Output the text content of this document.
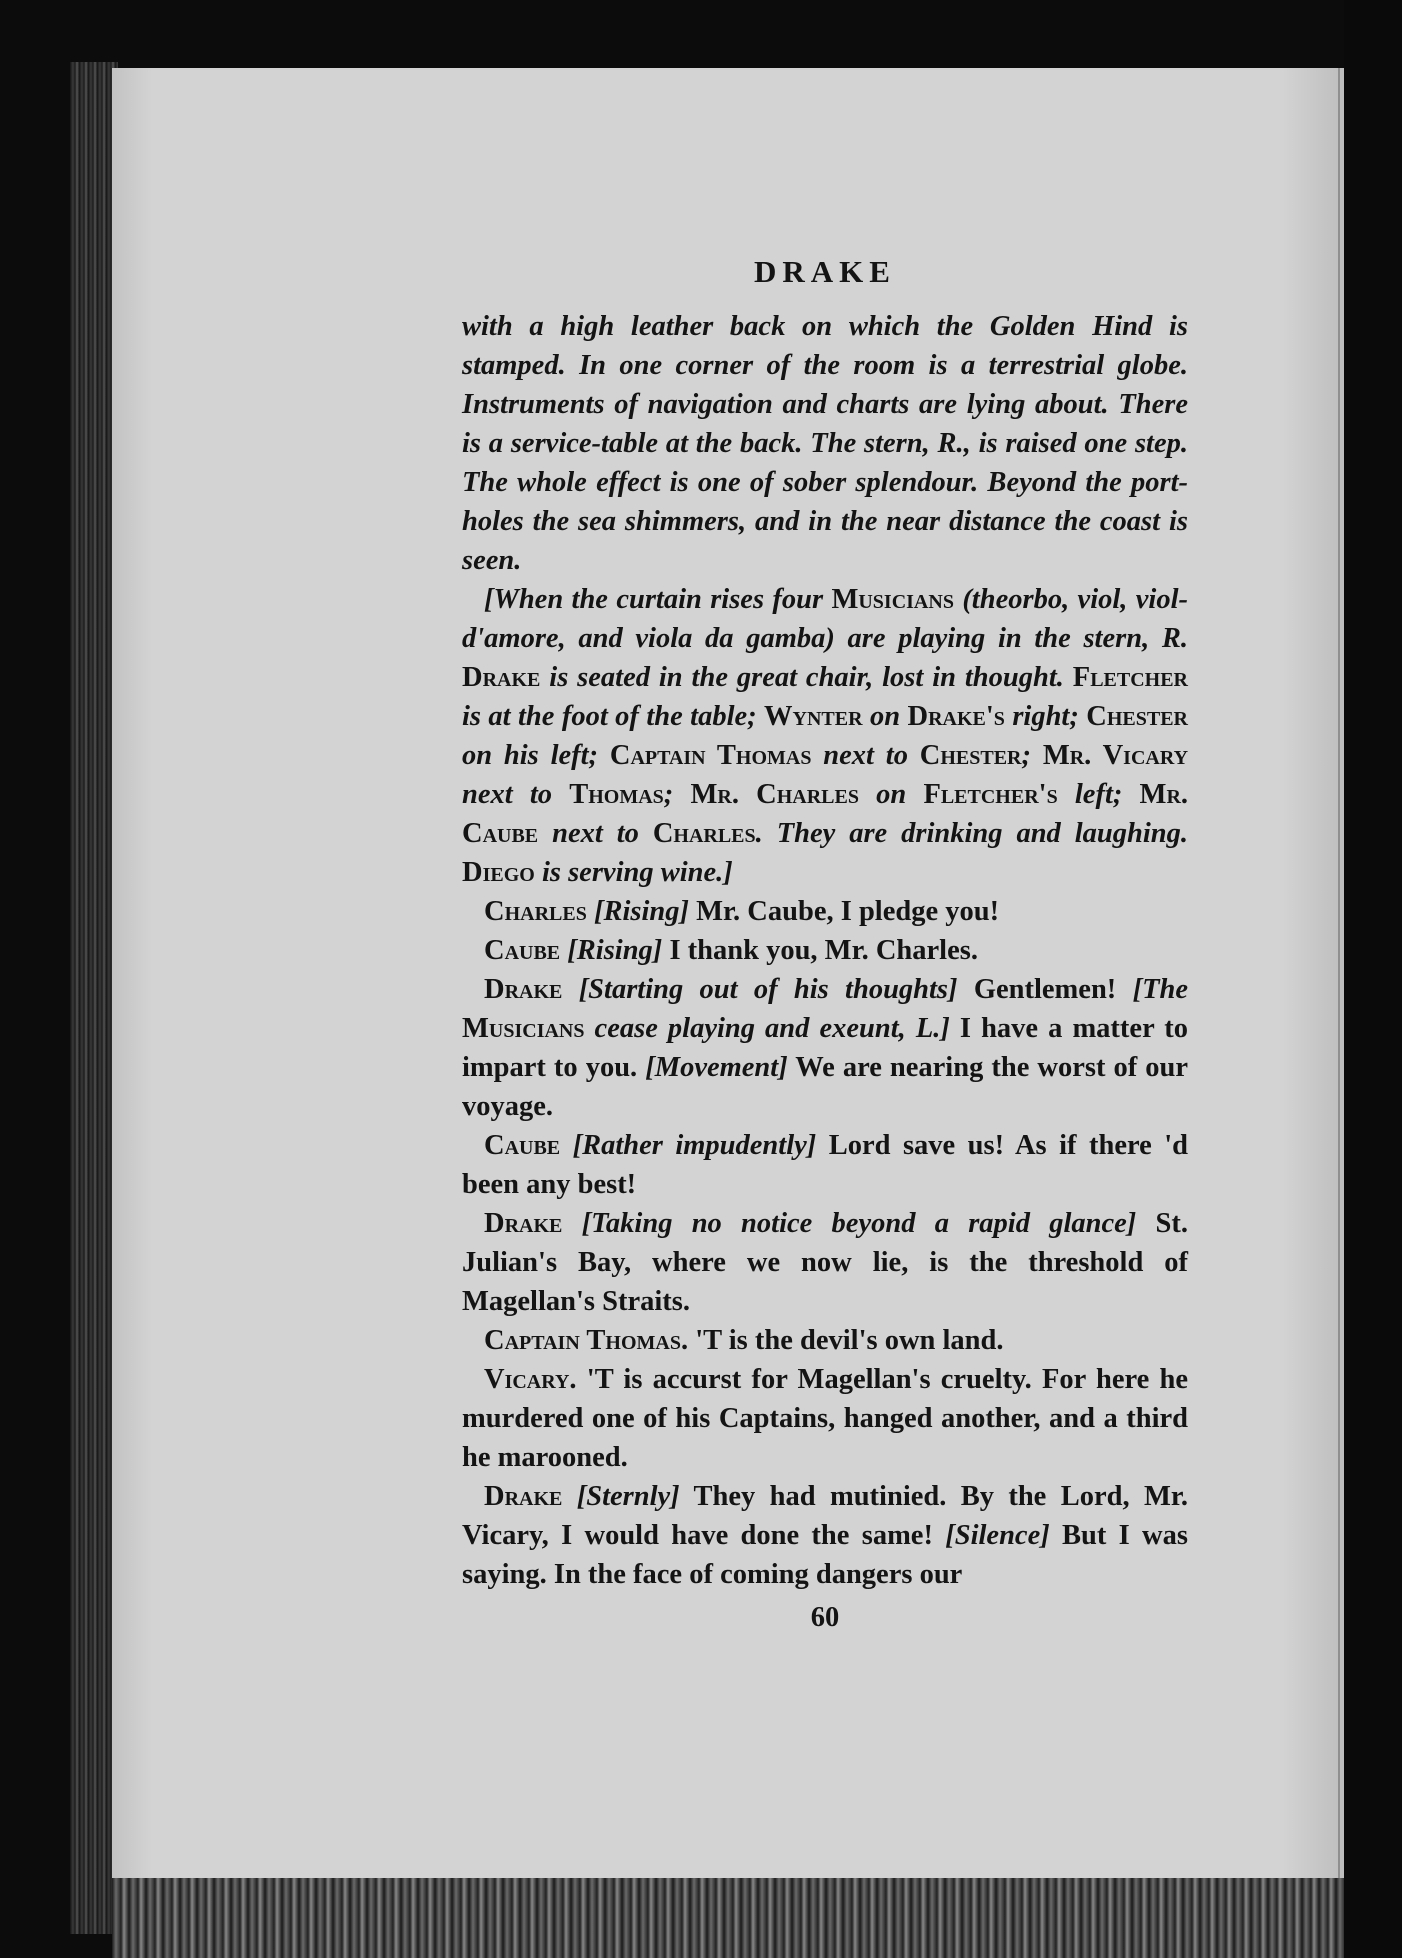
DRAKE

with a high leather back on which the Golden Hind is stamped. In one corner of the room is a terrestrial globe. Instruments of navigation and charts are lying about. There is a service-table at the back. The stern, R., is raised one step. The whole effect is one of sober splendour. Beyond the port-holes the sea shimmers, and in the near distance the coast is seen.

[When the curtain rises four Musicians (theorbo, viol, viol-d'amore, and viola da gamba) are playing in the stern, R. Drake is seated in the great chair, lost in thought. Fletcher is at the foot of the table; Wynter on Drake's right; Chester on his left; Captain Thomas next to Chester; Mr. Vicary next to Thomas; Mr. Charles on Fletcher's left; Mr. Caube next to Charles. They are drinking and laughing. Diego is serving wine.]

Charles [Rising] Mr. Caube, I pledge you!

Caube [Rising] I thank you, Mr. Charles.

Drake [Starting out of his thoughts] Gentlemen! [The Musicians cease playing and exeunt, L.] I have a matter to impart to you. [Movement] We are nearing the worst of our voyage.

Caube [Rather impudently] Lord save us! As if there 'd been any best!

Drake [Taking no notice beyond a rapid glance] St. Julian's Bay, where we now lie, is the threshold of Magellan's Straits.

Captain Thomas. 'T is the devil's own land.

Vicary. 'T is accurst for Magellan's cruelty. For here he murdered one of his Captains, hanged another, and a third he marooned.

Drake [Sternly] They had mutinied. By the Lord, Mr. Vicary, I would have done the same! [Silence] But I was saying. In the face of coming dangers our

60
